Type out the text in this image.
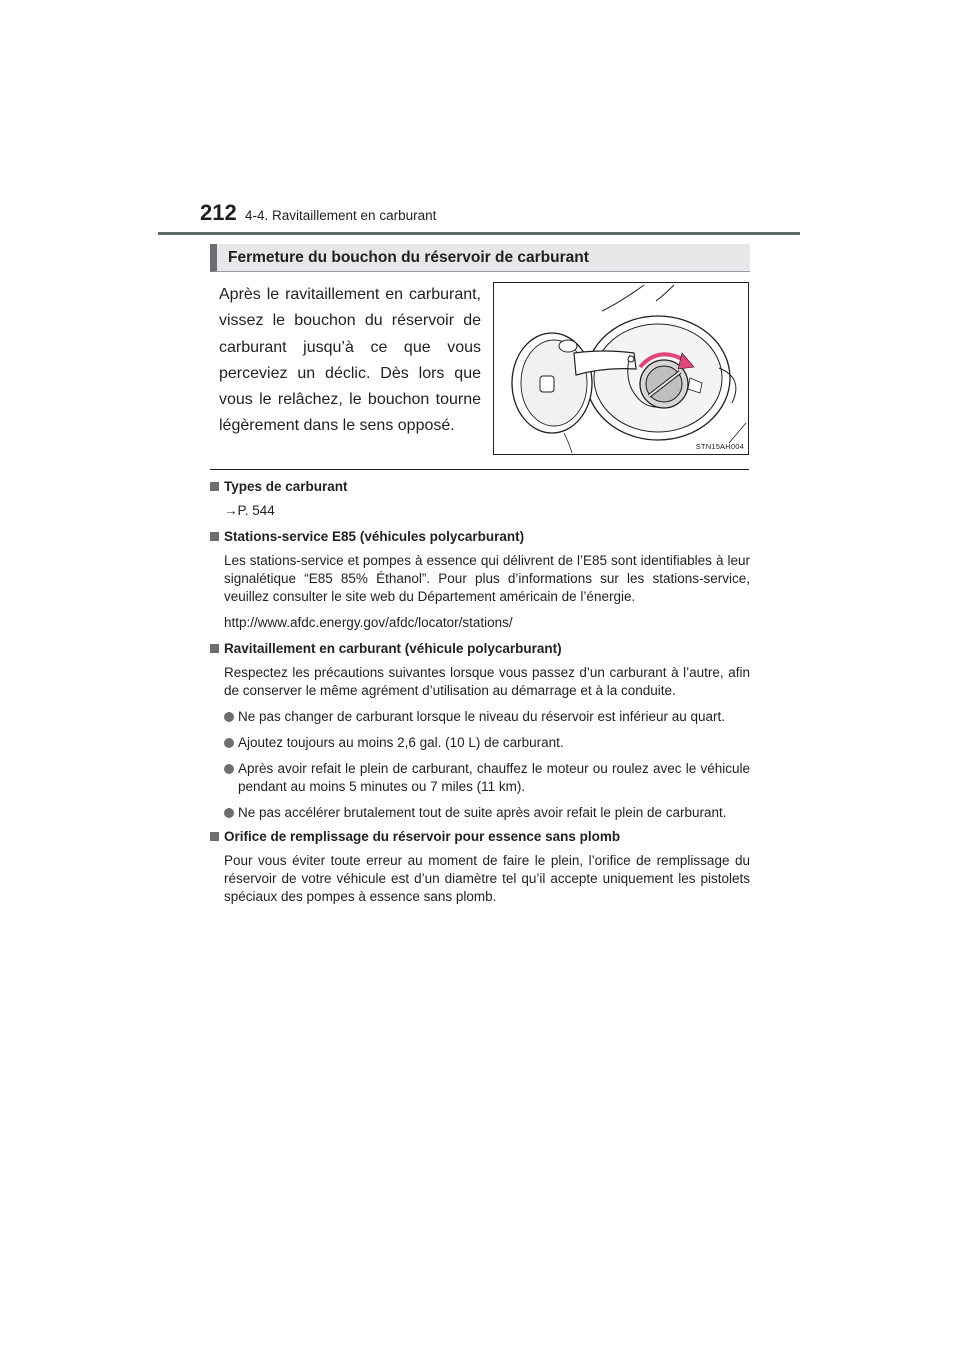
212 4-4. Ravitaillement en carburant
Fermeture du bouchon du réservoir de carburant
Après le ravitaillement en carburant, vissez le bouchon du réservoir de carburant jusqu’à ce que vous perceviez un déclic. Dès lors que vous le relâchez, le bouchon tourne légèrement dans le sens opposé.
STN15AH004

Types de carburant

→P. 544

Stations-service E85 (véhicules polycarburant)

Les stations-service et pompes à essence qui délivrent de l’E85 sont identifiables à leur signalétique “E85 85% Éthanol”. Pour plus d’informations sur les stations-service, veuillez consulter le site web du Département américain de l’énergie.

http://www.afdc.energy.gov/afdc/locator/stations/

Ravitaillement en carburant (véhicule polycarburant)

Respectez les précautions suivantes lorsque vous passez d’un carburant à l’autre, afin de conserver le même agrément d’utilisation au démarrage et à la conduite.

Ne pas changer de carburant lorsque le niveau du réservoir est inférieur au quart.

Ajoutez toujours au moins 2,6 gal. (10 L) de carburant.

Après avoir refait le plein de carburant, chauffez le moteur ou roulez avec le véhicule pendant au moins 5 minutes ou 7 miles (11 km).

Ne pas accélérer brutalement tout de suite après avoir refait le plein de carburant.

Orifice de remplissage du réservoir pour essence sans plomb

Pour vous éviter toute erreur au moment de faire le plein, l’orifice de remplissage du réservoir de votre véhicule est d’un diamètre tel qu’il accepte uniquement les pistolets spéciaux des pompes à essence sans plomb.
